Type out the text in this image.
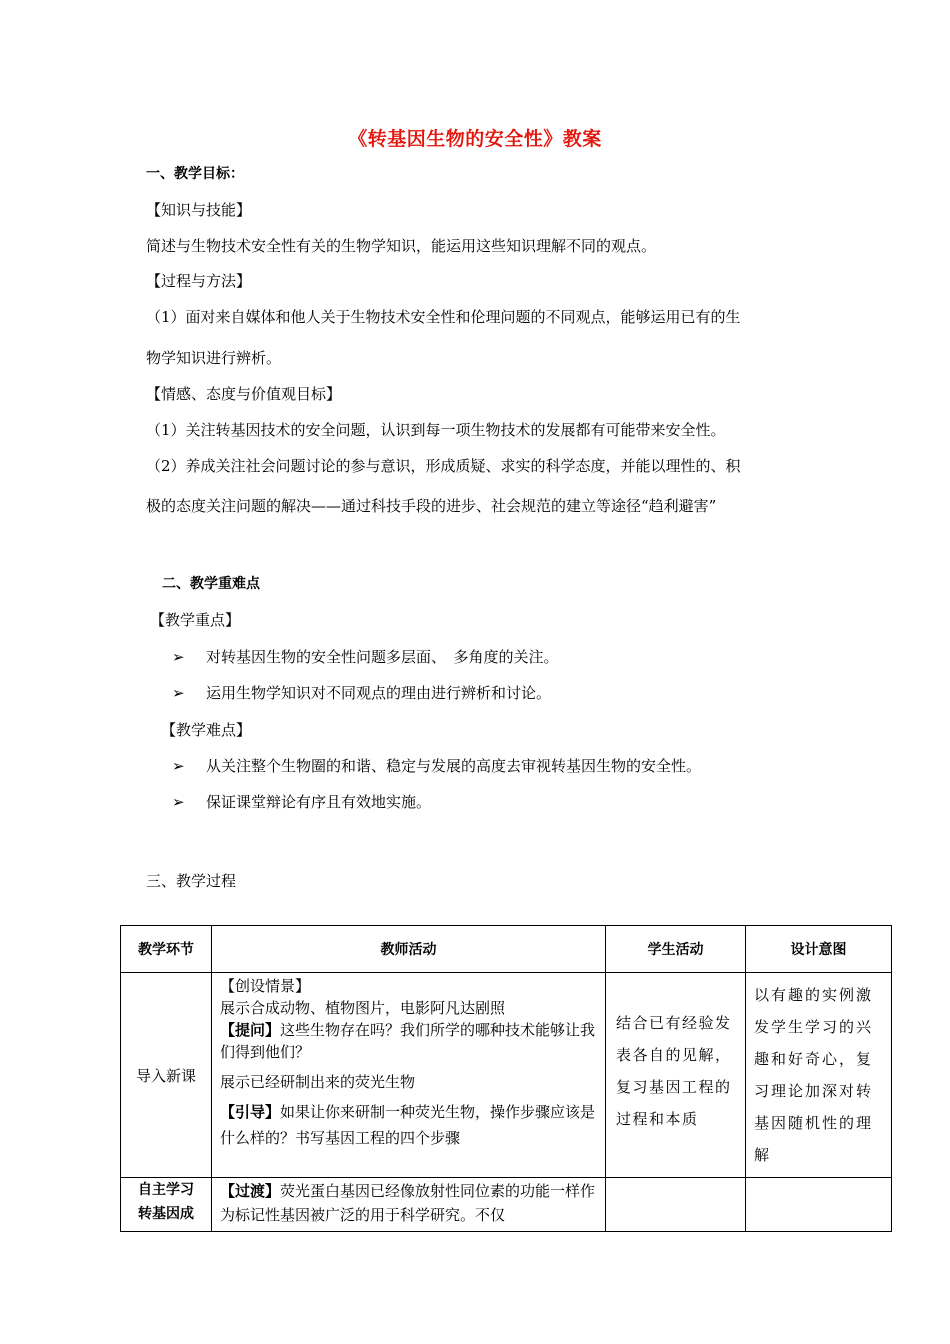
《转基因生物的安全性》教案
一、教学目标：
【知识与技能】
简述与生物技术安全性有关的生物学知识，能运用这些知识理解不同的观点。
【过程与方法】
（1）面对来自媒体和他人关于生物技术安全性和伦理问题的不同观点，能够运用已有的生
物学知识进行辨析。
【情感、态度与价值观目标】
（1）关注转基因技术的安全问题，认识到每一项生物技术的发展都有可能带来安全性。
（2）养成关注社会问题讨论的参与意识，形成质疑、求实的科学态度，并能以理性的、积
极的态度关注问题的解决——通过科技手段的进步、社会规范的建立等途径“趋利避害”
二、教学重难点
【教学重点】
➢ 对转基因生物的安全性问题多层面、　多角度的关注。
➢ 运用生物学知识对不同观点的理由进行辨析和讨论。
【教学难点】
➢ 从关注整个生物圈的和谐、稳定与发展的高度去审视转基因生物的安全性。
➢ 保证课堂辩论有序且有效地实施。
三、教学过程
教学环节	教师活动	学生活动	设计意图
导入新课	【创设情景】
展示合成动物、植物图片，电影阿凡达剧照
【提问】这些生物存在吗？我们所学的哪种技术能够让我们得到他们？
展示已经研制出来的荧光生物
【引导】如果让你来研制一种荧光生物，操作步骤应该是什么样的？书写基因工程的四个步骤	结合已有经验发表各自的见解，复习基因工程的过程和本质	以有趣的实例激发学生学习的兴趣和好奇心，复习理论加深对转基因随机性的理解

自主学习
转基因成	【过渡】荧光蛋白基因已经像放射性同位素的功能一样作为标记性基因被广泛的用于科学研究。不仅		
